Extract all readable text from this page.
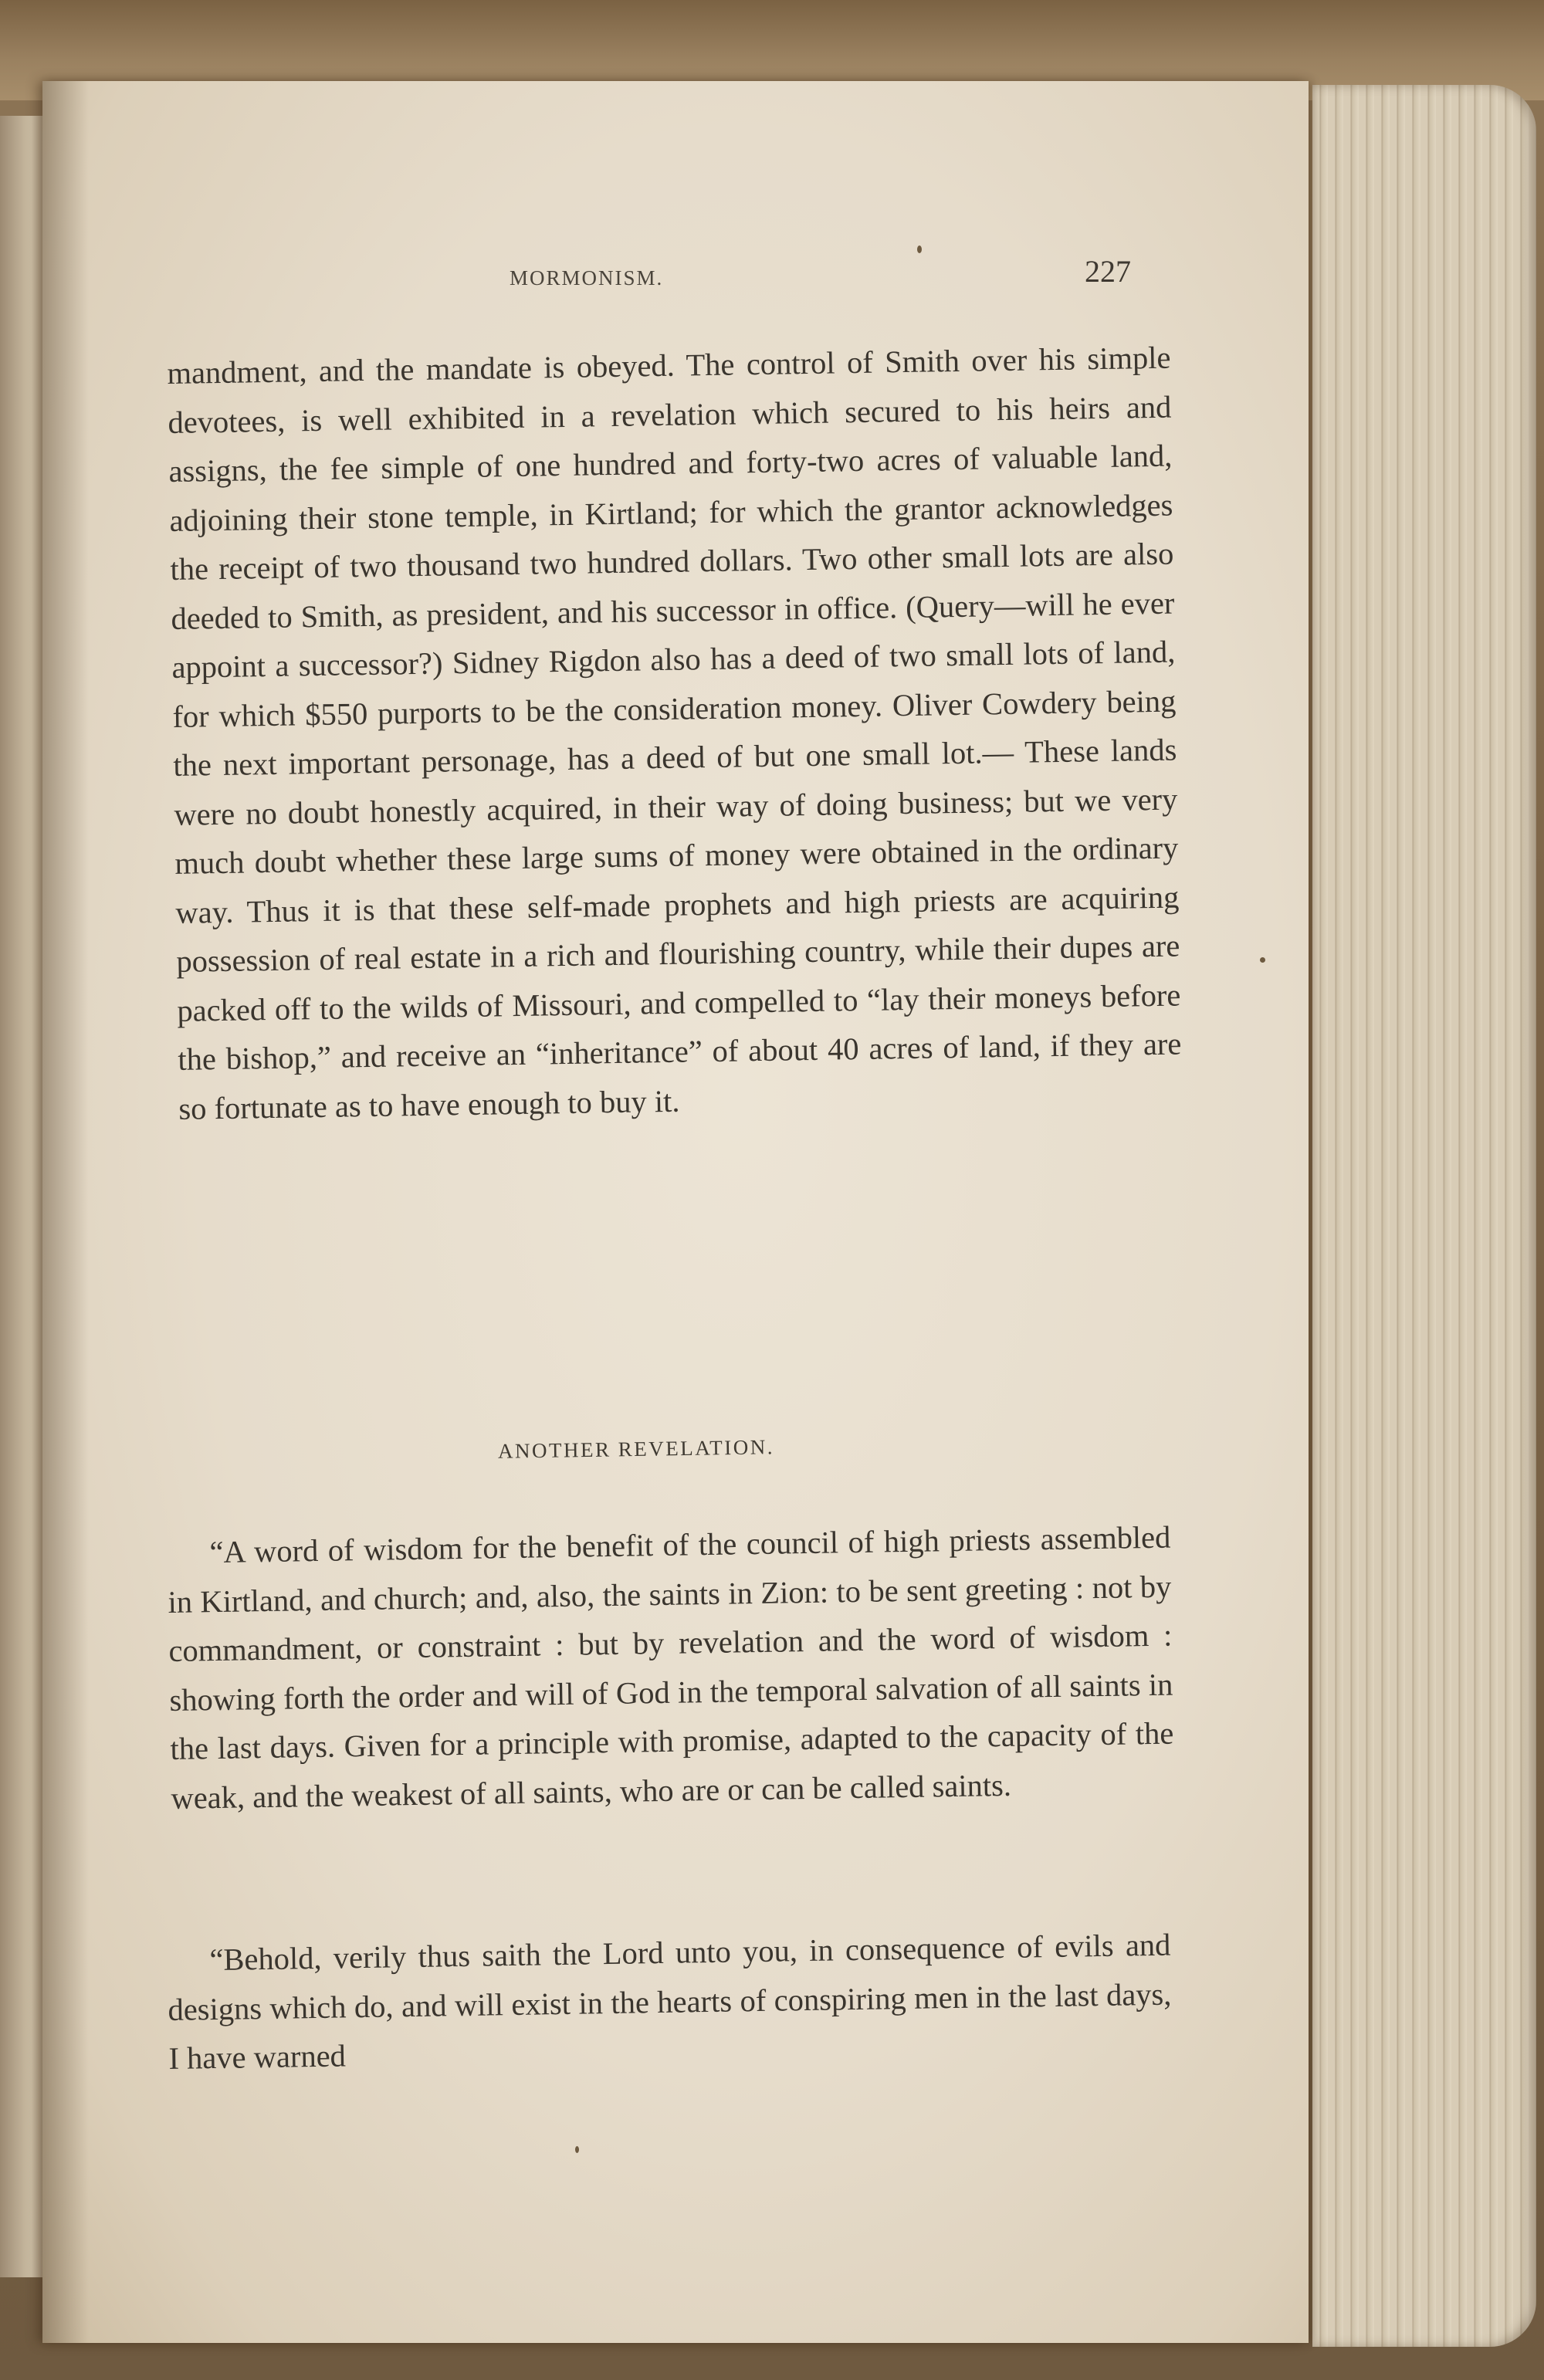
MORMONISM.	227

mandment, and the mandate is obeyed. The control of Smith over his simple devotees, is well exhibited in a revelation which secured to his heirs and assigns, the fee simple of one hundred and forty-two acres of valuable land, adjoining their stone temple, in Kirtland; for which the grantor acknowledges the receipt of two thousand two hundred dollars. Two other small lots are also deeded to Smith, as president, and his successor in office. (Query—will he ever appoint a successor?) Sidney Rigdon also has a deed of two small lots of land, for which $550 purports to be the consideration money. Oliver Cowdery being the next important personage, has a deed of but one small lot.— These lands were no doubt honestly acquired, in their way of doing business; but we very much doubt whether these large sums of money were obtained in the ordinary way. Thus it is that these self-made prophets and high priests are acquiring possession of real estate in a rich and flourishing country, while their dupes are packed off to the wilds of Missouri, and compelled to “lay their moneys before the bishop,” and receive an “inheritance” of about 40 acres of land, if they are so fortunate as to have enough to buy it.

ANOTHER REVELATION.

“A word of wisdom for the benefit of the council of high priests assembled in Kirtland, and church; and, also, the saints in Zion: to be sent greeting : not by commandment, or constraint : but by revelation and the word of wisdom : showing forth the order and will of God in the temporal salvation of all saints in the last days. Given for a principle with promise, adapted to the capacity of the weak, and the weakest of all saints, who are or can be called saints.

“Behold, verily thus saith the Lord unto you, in consequence of evils and designs which do, and will exist in the hearts of conspiring men in the last days, I have warned
